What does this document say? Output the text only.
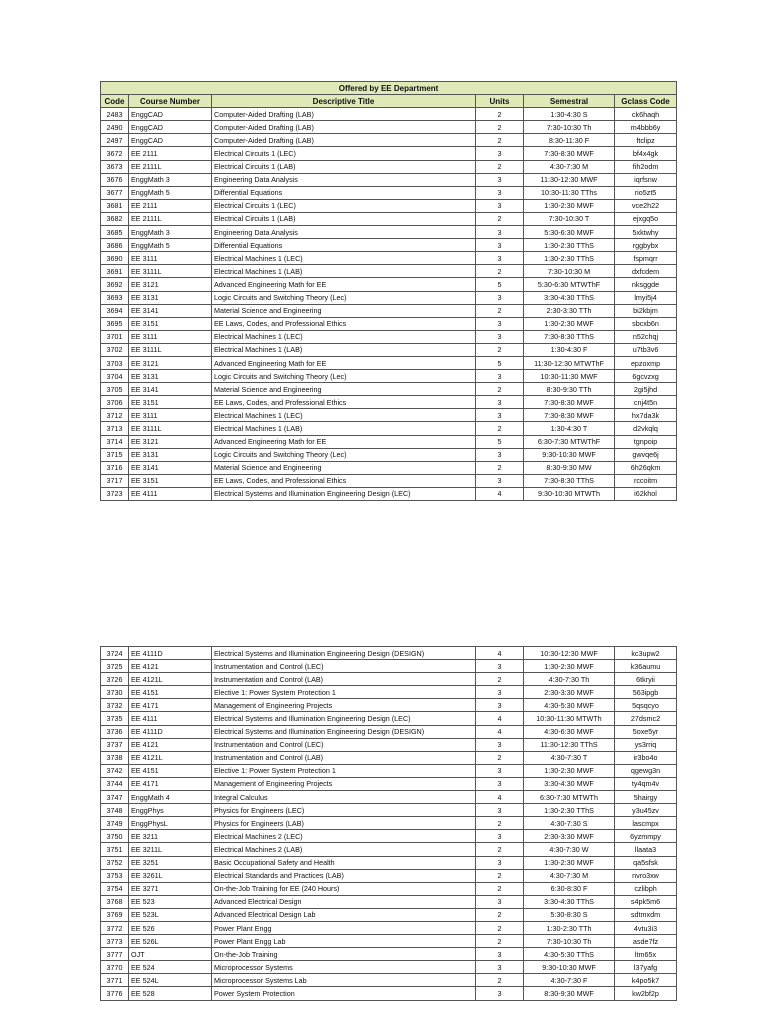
Offered by EE Department					
Code	Course Number	Descriptive Title	Units	Semestral	Gclass Code
2483	EnggCAD	Computer-Aided Drafting (LAB)	2	1:30-4:30 S	ck6haqh
2490	EnggCAD	Computer-Aided Drafting (LAB)	2	7:30-10:30 Th	m4bbb6y
2497	EnggCAD	Computer-Aided Drafting (LAB)	2	8:30-11:30 F	ftclipz
3672	EE 2111	Electrical Circuits 1 (LEC)	3	7:30-8:30 MWF	bf4x4gk
3673	EE 2111L	Electrical Circuits 1 (LAB)	2	4:30-7:30 M	fih2odm
3676	EnggMath 3	Engineering Data Analysis	3	11:30-12:30 MWF	iqrfsnw
3677	EnggMath 5	Differential Equations	3	10:30-11:30 TThs	rio5zt5
3681	EE 2111	Electrical Circuits 1 (LEC)	3	1:30-2:30 MWF	vce2h22
3682	EE 2111L	Electrical Circuits 1 (LAB)	2	7:30-10:30 T	ejxgq5o
3685	EnggMath 3	Engineering Data Analysis	3	5:30-6:30 MWF	5xktwhy
3686	EnggMath 5	Differential Equations	3	1:30-2:30 TThS	rggbybx
3690	EE 3111	Electrical Machines 1 (LEC)	3	1:30-2:30 TThS	fspmqrr
3691	EE 3111L	Electrical Machines 1 (LAB)	2	7:30-10:30 M	dxfcdem
3692	EE 3121	Advanced Engineering Math for EE	5	5:30-6:30 MTWThF	nksggde
3693	EE 3131	Logic Circuits and Switching Theory (Lec)	3	3:30-4:30 TThS	lmyi5j4
3694	EE 3141	Material Science and Engineering	2	2:30-3:30 TTh	bi2kbjm
3695	EE 3151	EE Laws, Codes, and Professional Ethics	3	1:30-2:30 MWF	sbcxb6n
3701	EE 3111	Electrical Machines 1 (LEC)	3	7:30-8:30 TThS	n52chqj
3702	EE 3111L	Electrical Machines 1 (LAB)	2	1:30-4:30 F	u7tb3v6
3703	EE 3121	Advanced Engineering Math for EE	5	11:30-12:30 MTWThF	epzoxmp
3704	EE 3131	Logic Circuits and Switching Theory (Lec)	3	10:30-11:30 MWF	6gcvzxg
3705	EE 3141	Material Science and Engineering	2	8:30-9:30 TTh	2gi5jhd
3706	EE 3151	EE Laws, Codes, and Professional Ethics	3	7:30-8:30 MWF	cnj4t5n
3712	EE 3111	Electrical Machines 1 (LEC)	3	7:30-8:30 MWF	hx7da3k
3713	EE 3111L	Electrical Machines 1 (LAB)	2	1:30-4:30 T	d2vkqlq
3714	EE 3121	Advanced Engineering Math for EE	5	6:30-7:30 MTWThF	tgnpoip
3715	EE 3131	Logic Circuits and Switching Theory (Lec)	3	9:30-10:30 MWF	gwvqe6j
3716	EE 3141	Material Science and Engineering	2	8:30-9:30 MW	6h26qkm
3717	EE 3151	EE Laws, Codes, and Professional Ethics	3	7:30-8:30 TThS	rccoitm
3723	EE 4111	Electrical Systems and Illumination Engineering Design (LEC)	4	9:30-10:30 MTWTh	i62khol
3724	EE 4111D	Electrical Systems and Illumination Engineering Design (DESIGN)	4	10:30-12:30 MWF	kc3upw2
3725	EE 4121	Instrumentation and Control (LEC)	3	1:30-2:30 MWF	k36aumu
3726	EE 4121L	Instrumentation and Control (LAB)	2	4:30-7:30 Th	6tkryii
3730	EE 4151	Elective 1: Power System Protection 1	3	2:30-3:30 MWF	563ipgb
3732	EE 4171	Management of Engineering Projects	3	4:30-5:30 MWF	5qsqcyo
3735	EE 4111	Electrical Systems and Illumination Engineering Design (LEC)	4	10:30-11:30 MTWTh	27dsmc2
3736	EE 4111D	Electrical Systems and Illumination Engineering Design (DESIGN)	4	4:30-6:30 MWF	5oxe5yr
3737	EE 4121	Instrumentation and Control (LEC)	3	11:30-12:30 TThS	ys3rriq
3738	EE 4121L	Instrumentation and Control (LAB)	2	4:30-7:30 T	ir3bo4o
3742	EE 4151	Elective 1: Power System Protection 1	3	1:30-2:30 MWF	qgewg3n
3744	EE 4171	Management of Engineering Projects	3	3:30-4:30 MWF	ty4qm4v
3747	EnggMath 4	Integral Calculus	4	6:30-7:30 MTWTh	5hairgy
3748	EnggPhys	Physics for Engineers (LEC)	3	1:30-2:30 TThS	y3u45zv
3749	EnggPhysL	Physics for Engineers (LAB)	2	4:30-7:30 S	lascmpx
3750	EE 3211	Electrical Machines 2 (LEC)	3	2:30-3:30 MWF	6yzmmpy
3751	EE 3211L	Electrical Machines 2 (LAB)	2	4:30-7:30 W	llaata3
3752	EE 3251	Basic Occupational Safety and Health	3	1:30-2:30 MWF	qa5sfsk
3753	EE 3261L	Electrical Standards and Practices (LAB)	2	4:30-7:30 M	nvro3xw
3754	EE 3271	On-the-Job Training for EE (240 Hours)	2	6:30-8:30 F	czlibph
3768	EE 523	Advanced Electrical Design	3	3:30-4:30 TThS	s4pk5m6
3769	EE 523L	Advanced Electrical Design Lab	2	5:30-8:30 S	sdtmxdm
3772	EE 526	Power Plant Engg	2	1:30-2:30 TTh	4vtu3i3
3773	EE 526L	Power Plant Engg Lab	2	7:30-10:30 Th	asde7fz
3777	OJT	On-the-Job Training	3	4:30-5:30 TThS	ltm65x
3770	EE 524	Microprocessor Systems	3	9:30-10:30 MWF	l37yafg
3771	EE 524L	Microprocessor Systems Lab	2	4:30-7:30 F	k4po5k7
3776	EE 528	Power System Protection	3	8:30-9:30 MWF	kw2bf2p
